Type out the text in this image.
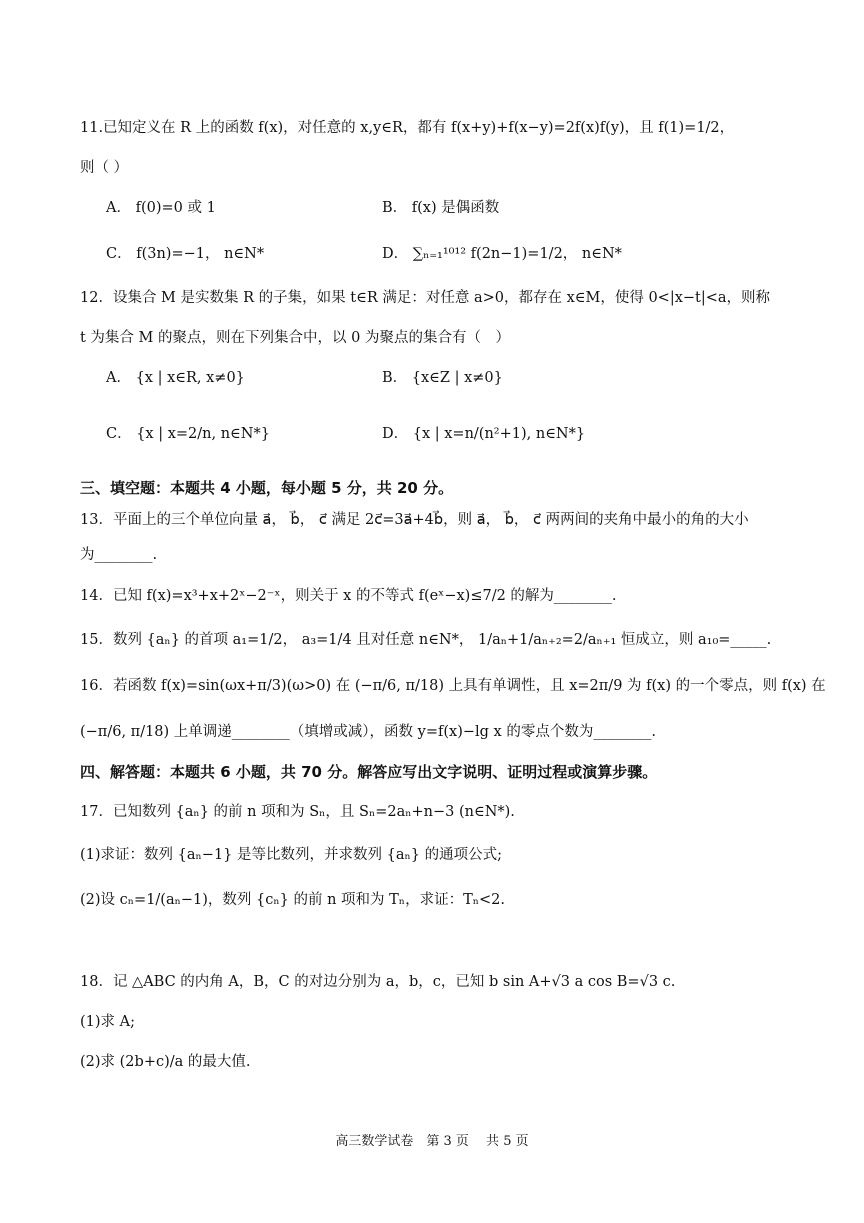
11.已知定义在 R 上的函数 f(x)，对任意的 x,y∈R，都有 f(x+y)+f(x−y)=2f(x)f(y)，且 f(1)=1/2，
则（ ）
A． f(0)=0 或 1	B． f(x) 是偶函数
C． f(3n)=−1， n∈N*	D． ∑ₙ₌₁¹⁰¹² f(2n−1)=1/2， n∈N*
12．设集合 M 是实数集 R 的子集，如果 t∈R 满足：对任意 a>0，都存在 x∈M，使得 0<|x−t|<a，则称
t 为集合 M 的聚点，则在下列集合中，以 0 为聚点的集合有（　）
A． {x | x∈R, x≠0}	B． {x∈Z | x≠0}
C． {x | x=2/n, n∈N*}	D． {x | x=n/(n²+1), n∈N*}
三、填空题：本题共 4 小题，每小题 5 分，共 20 分。
13．平面上的三个单位向量 a⃗， b⃗， c⃗ 满足 2c⃗=3a⃗+4b⃗，则 a⃗， b⃗， c⃗ 两两间的夹角中最小的角的大小
为________.
14．已知 f(x)=x³+x+2ˣ−2⁻ˣ，则关于 x 的不等式 f(eˣ−x)≤7/2 的解为________.
15．数列 {aₙ} 的首项 a₁=1/2， a₃=1/4 且对任意 n∈N*， 1/aₙ+1/aₙ₊₂=2/aₙ₊₁ 恒成立，则 a₁₀=_____.
16．若函数 f(x)=sin(ωx+π/3)(ω>0) 在 (−π/6, π/18) 上具有单调性，且 x=2π/9 为 f(x) 的一个零点，则 f(x) 在
(−π/6, π/18) 上单调递________（填增或减），函数 y=f(x)−lg x 的零点个数为________.
四、解答题：本题共 6 小题，共 70 分。解答应写出文字说明、证明过程或演算步骤。
17．已知数列 {aₙ} 的前 n 项和为 Sₙ，且 Sₙ=2aₙ+n−3 (n∈N*).
(1)求证：数列 {aₙ−1} 是等比数列，并求数列 {aₙ} 的通项公式;
(2)设 cₙ=1/(aₙ−1)，数列 {cₙ} 的前 n 项和为 Tₙ，求证：Tₙ<2.
18．记 △ABC 的内角 A，B，C 的对边分别为 a，b，c，已知 b sin A+√3 a cos B=√3 c.
(1)求 A;
(2)求 (2b+c)/a 的最大值.
高三数学试卷　第 3 页　 共 5 页
